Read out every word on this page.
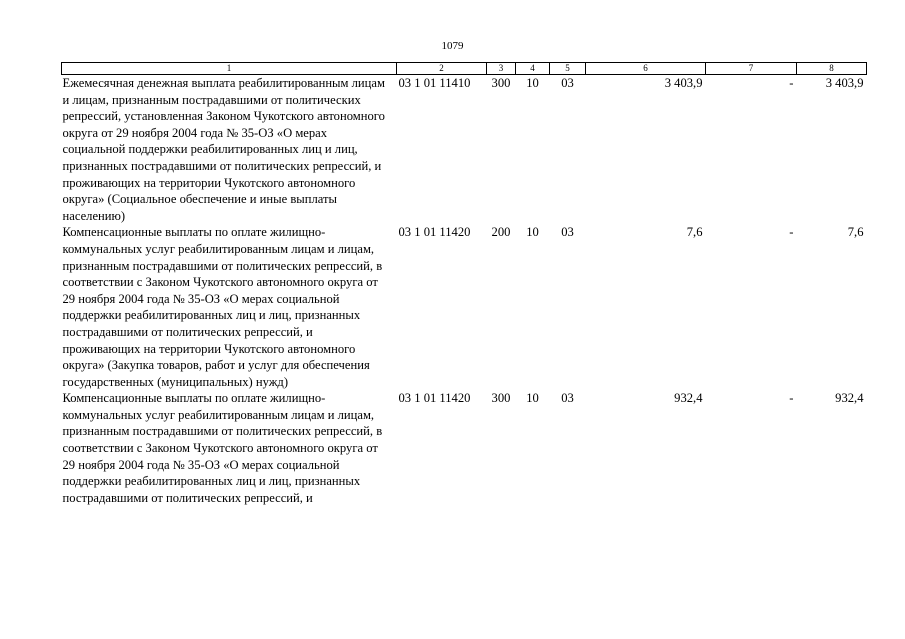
1079
1	2	3	4	5	6	7	8
Ежемесячная денежная выплата реабилитированным лицам и лицам, признанным пострадавшими от политических репрессий, установленная Законом Чукотского автономного округа от 29 ноября 2004 года № 35-ОЗ «О мерах социальной поддержки реабилитированных лиц и лиц, признанных пострадавшими от политических репрессий, и проживающих на территории Чукотского автономного округа» (Социальное обеспечение и иные выплаты населению)	03 1 01 11410	300	10	03	3 403,9	-	3 403,9
Компенсационные выплаты по оплате жилищно-коммунальных услуг реабилитированным лицам и лицам, признанным пострадавшими от политических репрессий, в соответствии с Законом Чукотского автономного округа от 29 ноября 2004 года № 35-ОЗ «О мерах социальной поддержки реабилитированных лиц и лиц, признанных пострадавшими от политических репрессий, и проживающих на территории Чукотского автономного округа» (Закупка товаров, работ и услуг для обеспечения государственных (муниципальных) нужд)	03 1 01 11420	200	10	03	7,6	-	7,6
Компенсационные выплаты по оплате жилищно-коммунальных услуг реабилитированным лицам и лицам, признанным пострадавшими от политических репрессий, в соответствии с Законом Чукотского автономного округа от 29 ноября 2004 года № 35-ОЗ «О мерах социальной поддержки реабилитированных лиц и лиц, признанных пострадавшими от политических репрессий, и	03 1 01 11420	300	10	03	932,4	-	932,4
